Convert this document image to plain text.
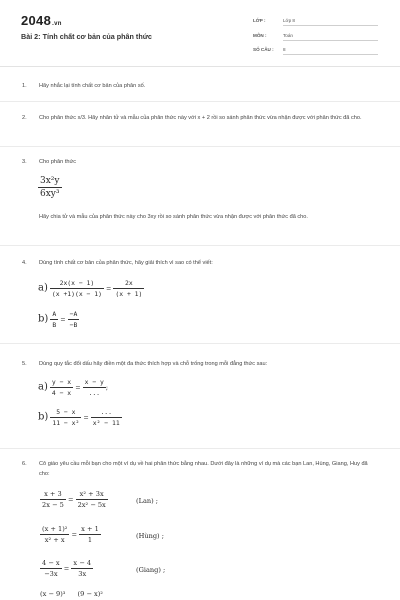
2048.vn
Bài 2: Tính chất cơ bản của phân thức
LỚP :	Lớp 8
MÔN :	Toán
SỐ CÂU : 8
1. Hãy nhắc lại tính chất cơ bản của phân số.
2. Cho phân thức x/3. Hãy nhân tử và mẫu của phân thức này với x + 2 rồi so sánh phân thức vừa nhận được với phân thức đã cho.
3. Cho phân thức
$\frac{\text{3x²y}}{\text{6xy³}}$
Hãy chia tử và mẫu của phân thức này cho 3xy rồi so sánh phân thức vừa nhận được với phân thức đã cho.
4. Dùng tính chất cơ bản của phân thức, hãy giải thích vì sao có thể viết:
$a) \frac{2x(x - 1)}{(x +1)(x - 1)} = \frac{2x}{(x + 1)}$
$b) \frac{A}{B} = \frac{-A}{-B}$
5. Dùng quy tắc đổi dấu hãy điền một đa thức thích hợp và chỗ trống trong mỗi đẳng thức sau:
$a) \frac{y - x}{4 - x} = \frac{x - y}{...}$ ;
$b) \frac{5 - x}{\text{11 − x²}} = \frac{...}{\text{x² − 11}}$
6. Cô giáo yêu cầu mỗi bạn cho một ví dụ về hai phân thức bằng nhau. Dưới đây là những ví dụ mà các bạn Lan, Hùng, Giang, Huy đã cho:
$\frac{x + 3}{2x - 5} = \frac{\text{x² + 3x}}{\text{2x² − 5x}}$	(Lan) ;
$\frac{\text{(x + 1)²}}{\text{x² + x}} = \frac{x + 1}{1}$	(Hùng) ;
$\frac{4 - x}{-3x} = \frac{x - 4}{3x}$	(Giang) ;
(x − 9)³ (9 − x)²
